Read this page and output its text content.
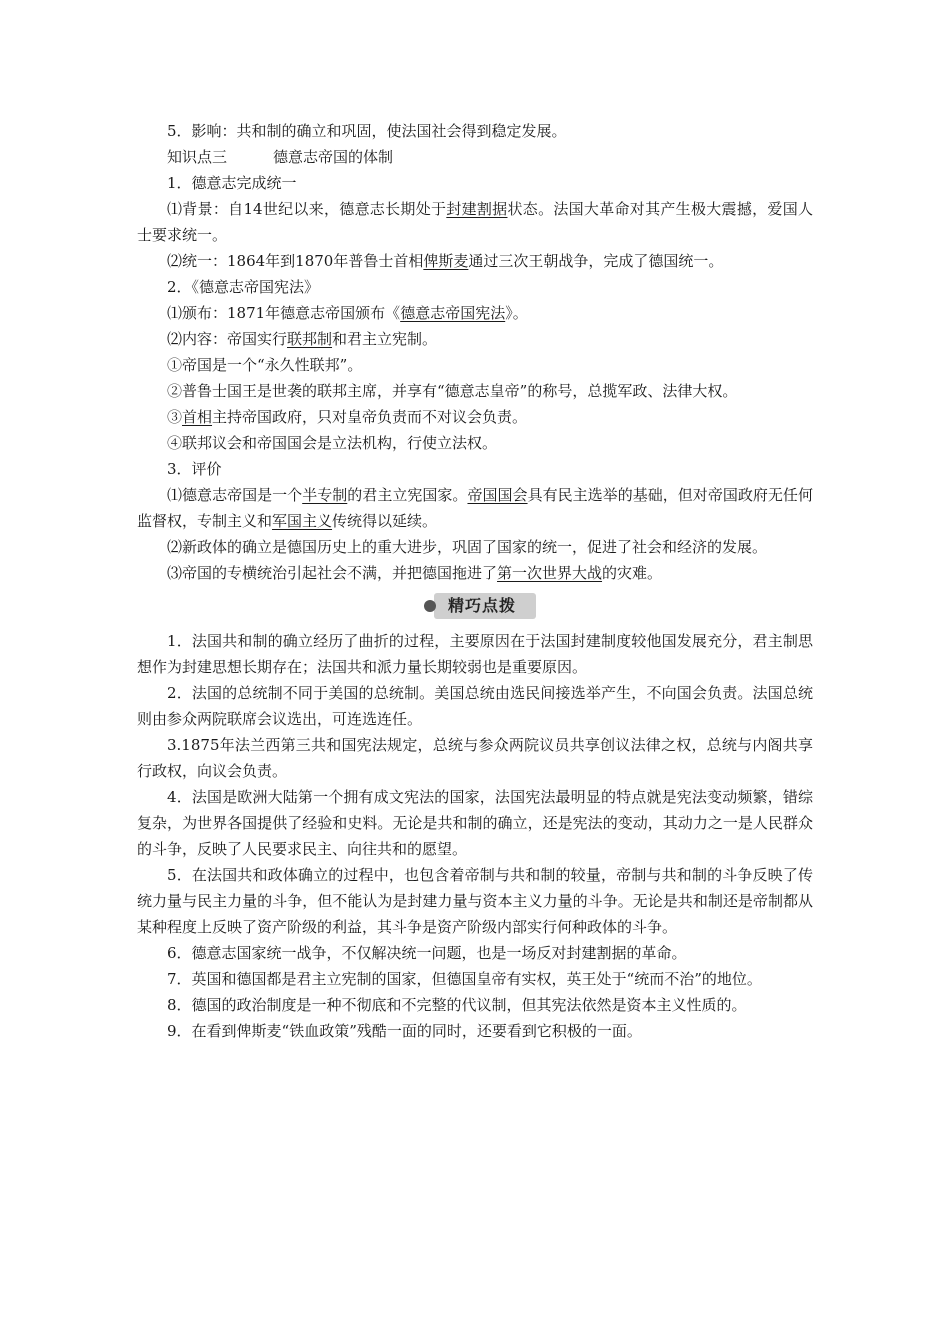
5．影响：共和制的确立和巩固，使法国社会得到稳定发展。

知识点三	德意志帝国的体制

1．德意志完成统一

⑴背景：自14世纪以来，德意志长期处于封建割据状态。法国大革命对其产生极大震撼，爱国人士要求统一。

⑵统一：1864年到1870年普鲁士首相俾斯麦通过三次王朝战争，完成了德国统一。

2．《德意志帝国宪法》

⑴颁布：1871年德意志帝国颁布《德意志帝国宪法》。

⑵内容：帝国实行联邦制和君主立宪制。

①帝国是一个“永久性联邦”。

②普鲁士国王是世袭的联邦主席，并享有“德意志皇帝”的称号，总揽军政、法律大权。

③首相主持帝国政府，只对皇帝负责而不对议会负责。

④联邦议会和帝国国会是立法机构，行使立法权。

3．评价

⑴德意志帝国是一个半专制的君主立宪国家。帝国国会具有民主选举的基础，但对帝国政府无任何监督权，专制主义和军国主义传统得以延续。

⑵新政体的确立是德国历史上的重大进步，巩固了国家的统一，促进了社会和经济的发展。

⑶帝国的专横统治引起社会不满，并把德国拖进了第一次世界大战的灾难。

精巧点拨

1．法国共和制的确立经历了曲折的过程，主要原因在于法国封建制度较他国发展充分，君主制思想作为封建思想长期存在；法国共和派力量长期较弱也是重要原因。

2．法国的总统制不同于美国的总统制。美国总统由选民间接选举产生，不向国会负责。法国总统则由参众两院联席会议选出，可连选连任。

3.1875年法兰西第三共和国宪法规定，总统与参众两院议员共享创议法律之权，总统与内阁共享行政权，向议会负责。

4．法国是欧洲大陆第一个拥有成文宪法的国家，法国宪法最明显的特点就是宪法变动频繁，错综复杂，为世界各国提供了经验和史料。无论是共和制的确立，还是宪法的变动，其动力之一是人民群众的斗争，反映了人民要求民主、向往共和的愿望。

5．在法国共和政体确立的过程中，也包含着帝制与共和制的较量，帝制与共和制的斗争反映了传统力量与民主力量的斗争，但不能认为是封建力量与资本主义力量的斗争。无论是共和制还是帝制都从某种程度上反映了资产阶级的利益，其斗争是资产阶级内部实行何种政体的斗争。

6．德意志国家统一战争，不仅解决统一问题，也是一场反对封建割据的革命。

7．英国和德国都是君主立宪制的国家，但德国皇帝有实权，英王处于“统而不治”的地位。

8．德国的政治制度是一种不彻底和不完整的代议制，但其宪法依然是资本主义性质的。

9．在看到俾斯麦“铁血政策”残酷一面的同时，还要看到它积极的一面。
